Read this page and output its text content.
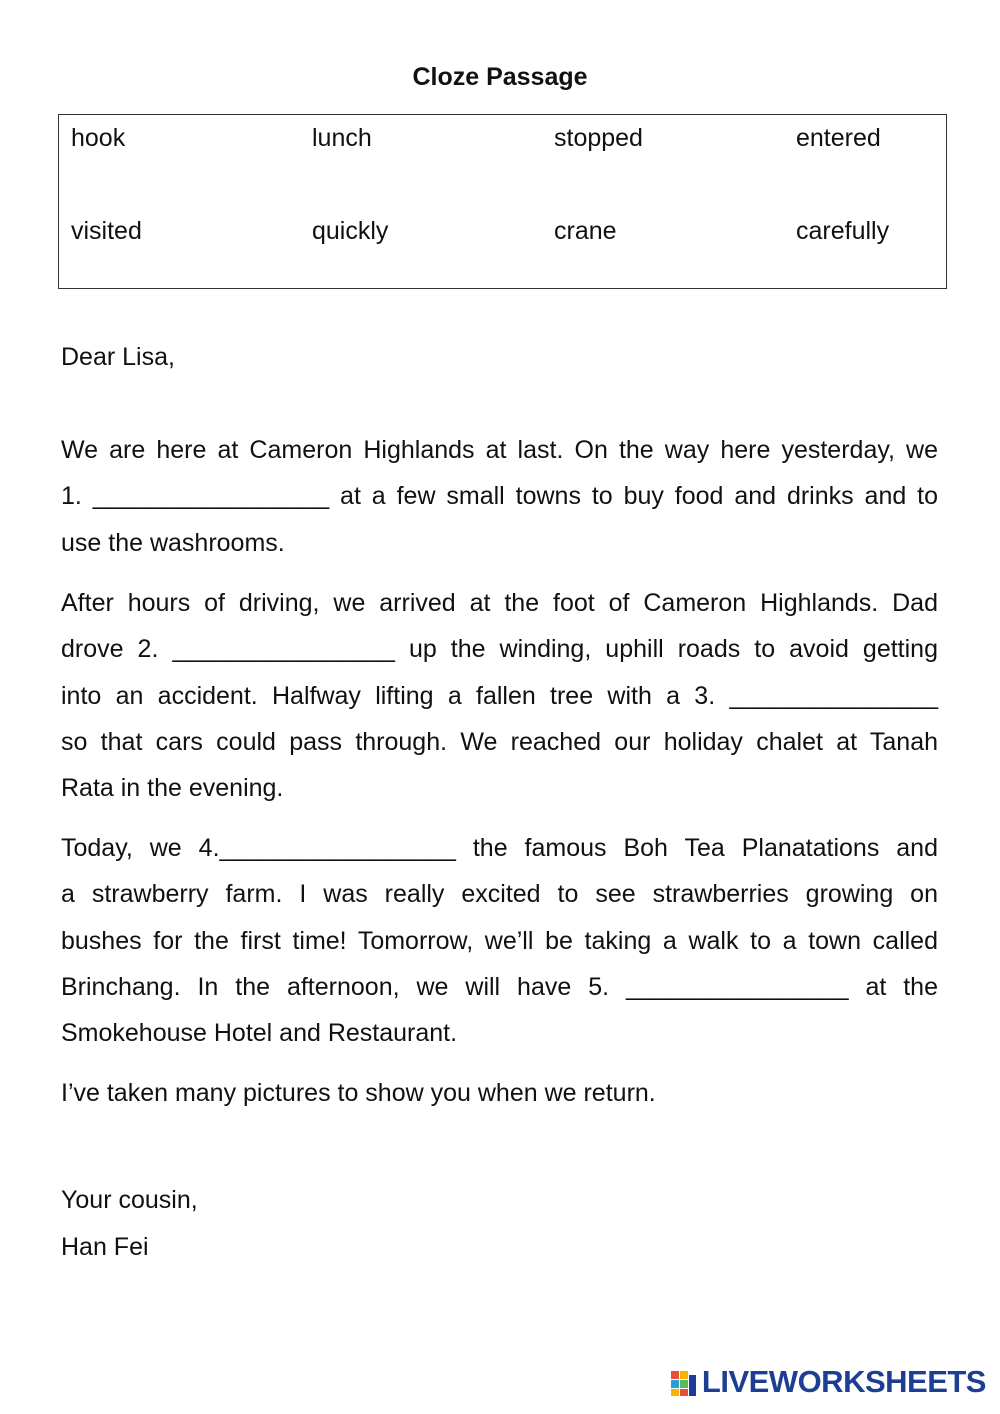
Cloze Passage
hook	lunch	stopped	entered
visited	quickly	crane	carefully
Dear Lisa,
We are here at Cameron Highlands at last. On the way here yesterday, we
1. _________________ at a few small towns to buy food and drinks and to
use the washrooms.
After hours of driving, we arrived at the foot of Cameron Highlands. Dad
drove 2. ________________ up the winding, uphill roads to avoid getting
into an accident. Halfway lifting a fallen tree with a 3. _______________
so that cars could pass through. We reached our holiday chalet at Tanah
Rata in the evening.
Today, we 4._________________ the famous Boh Tea Planatations and
a strawberry farm. I was really excited to see strawberries growing on
bushes for the first time! Tomorrow, we’ll be taking a walk to a town called
Brinchang. In the afternoon, we will have 5. ________________ at the
Smokehouse Hotel and Restaurant.
I’ve taken many pictures to show you when we return.
Your cousin,
Han Fei
LIVEWORKSHEETS
